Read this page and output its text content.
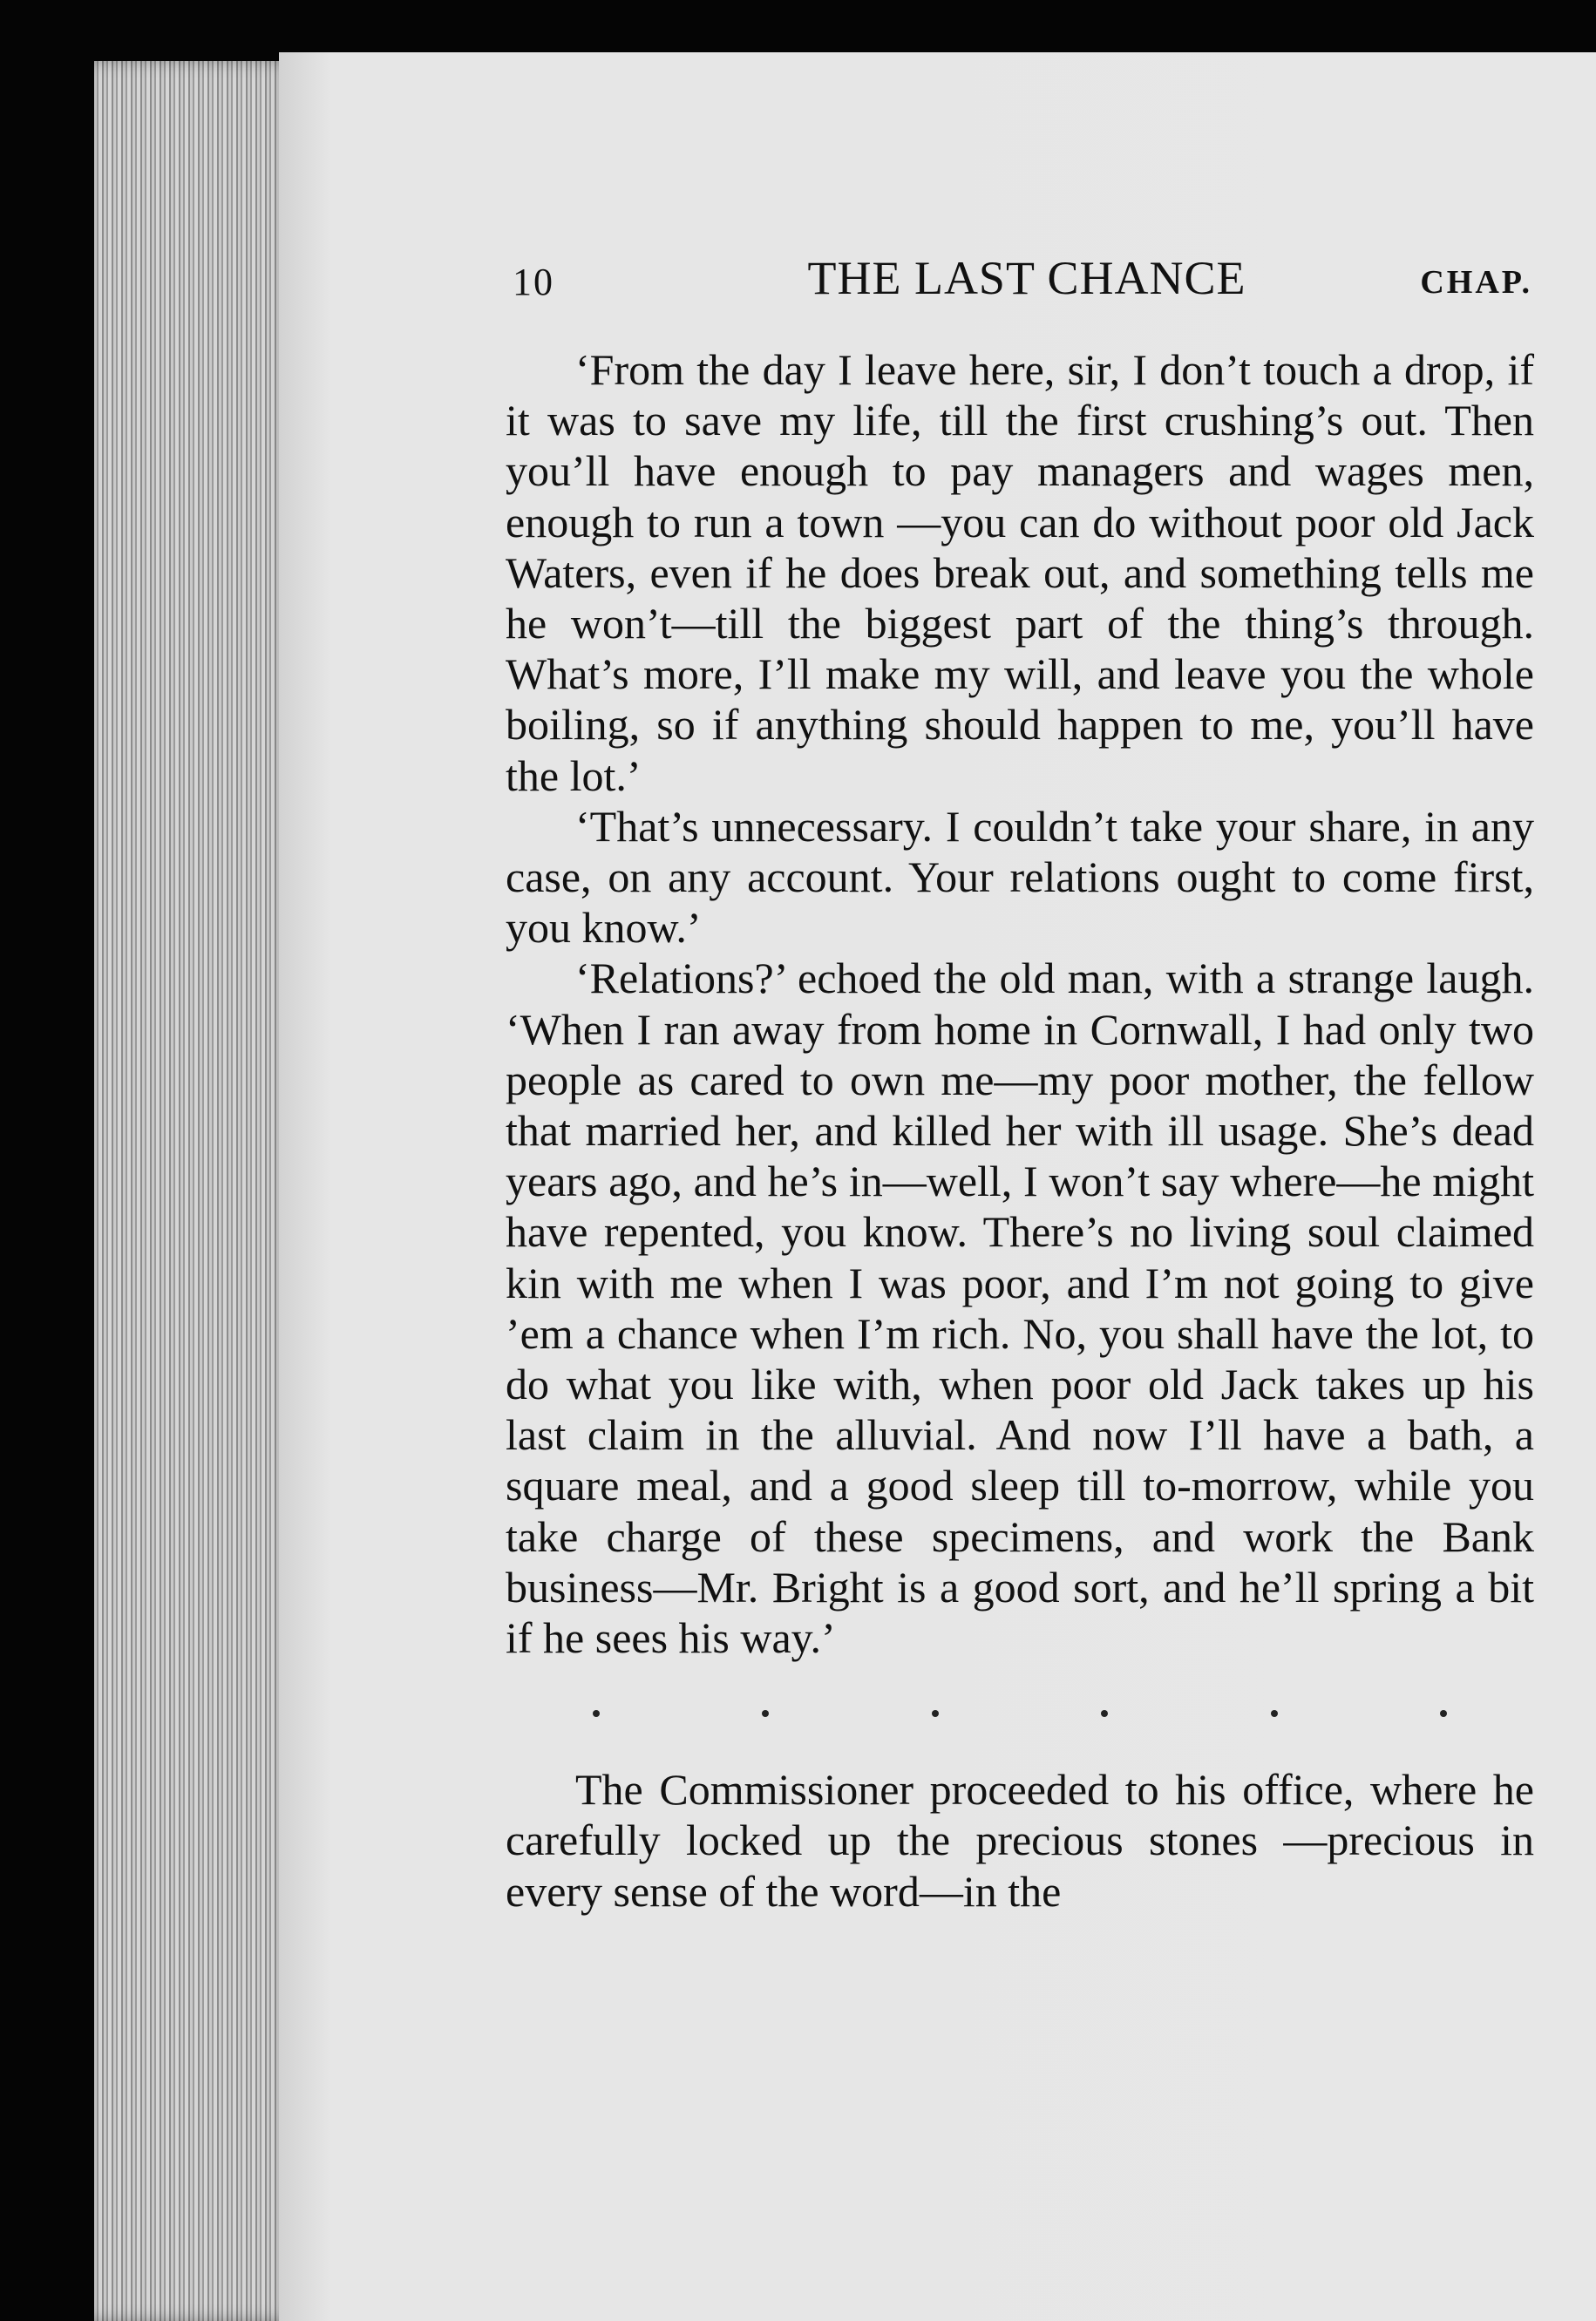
10	THE LAST CHANCE	CHAP.

‘From the day I leave here, sir, I don’t touch a drop, if it was to save my life, till the first crushing’s out. Then you’ll have enough to pay managers and wages men, enough to run a town —you can do without poor old Jack Waters, even if he does break out, and something tells me he won’t—till the biggest part of the thing’s through. What’s more, I’ll make my will, and leave you the whole boiling, so if anything should happen to me, you’ll have the lot.’

‘That’s unnecessary. I couldn’t take your share, in any case, on any account. Your relations ought to come first, you know.’

‘Relations?’ echoed the old man, with a strange laugh. ‘When I ran away from home in Cornwall, I had only two people as cared to own me—my poor mother, the fellow that married her, and killed her with ill usage. She’s dead years ago, and he’s in—well, I won’t say where—he might have repented, you know. There’s no living soul claimed kin with me when I was poor, and I’m not going to give ’em a chance when I’m rich. No, you shall have the lot, to do what you like with, when poor old Jack takes up his last claim in the alluvial. And now I’ll have a bath, a square meal, and a good sleep till to-morrow, while you take charge of these specimens, and work the Bank business—Mr. Bright is a good sort, and he’ll spring a bit if he sees his way.’

The Commissioner proceeded to his office, where he carefully locked up the precious stones —precious in every sense of the word—in the
